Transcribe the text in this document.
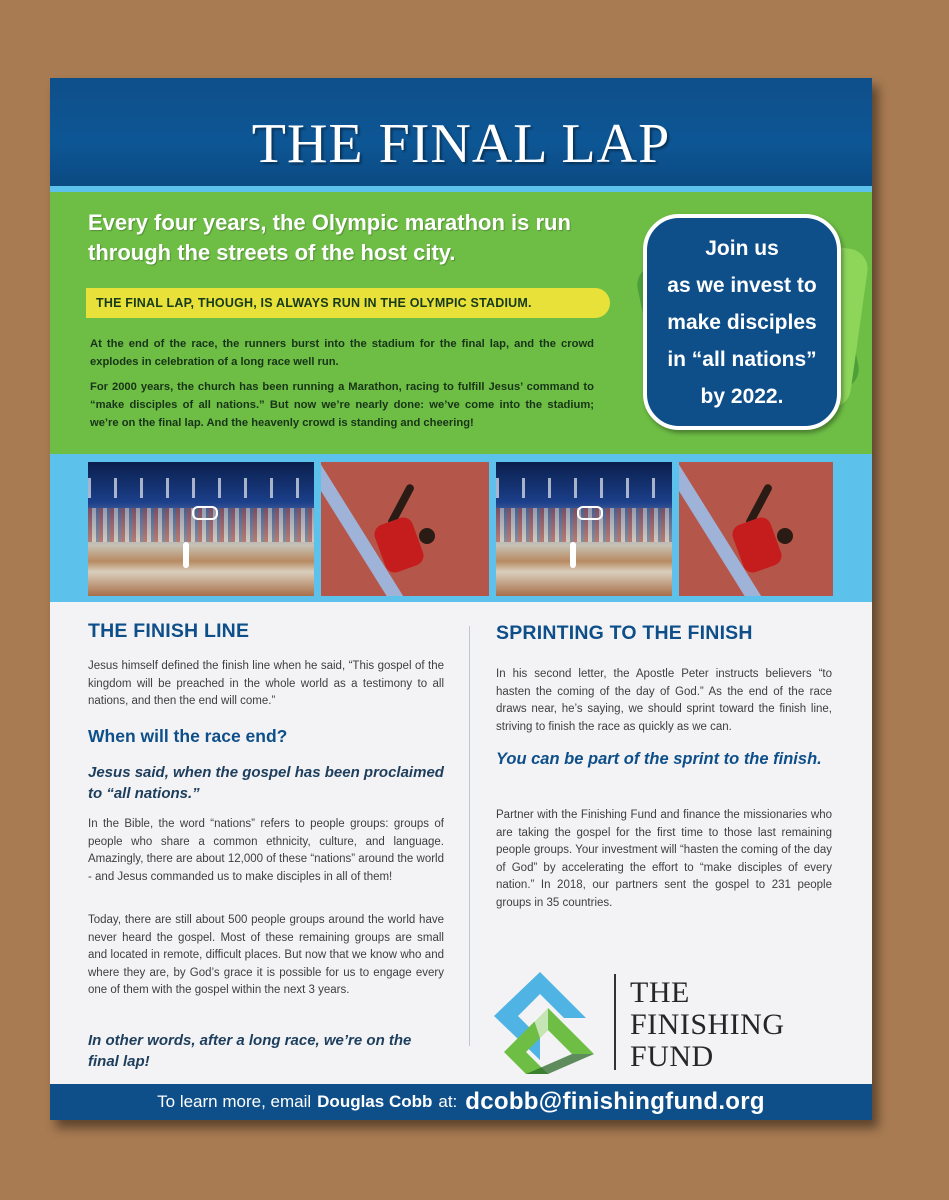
THE FINAL LAP

Every four years, the Olympic marathon is run through the streets of the host city.

THE FINAL LAP, THOUGH, IS ALWAYS RUN IN THE OLYMPIC STADIUM.

At the end of the race, the runners burst into the stadium for the final lap, and the crowd explodes in celebration of a long race well run.

For 2000 years, the church has been running a Marathon, racing to fulfill Jesus’ command to “make disciples of all nations.” But now we’re nearly done: we’ve come into the stadium; we’re on the final lap. And the heavenly crowd is standing and cheering!

Join us
as we invest to
make disciples
in “all nations”
by 2022.
THE FINISH LINE

Jesus himself defined the finish line when he said, “This gospel of the kingdom will be preached in the whole world as a testimony to all nations, and then the end will come.”

When will the race end?

Jesus said, when the gospel has been proclaimed to “all nations.”

In the Bible, the word “nations” refers to people groups: groups of people who share a common ethnicity, culture, and language. Amazingly, there are about 12,000 of these “nations” around the world - and Jesus commanded us to make disciples in all of them!

Today, there are still about 500 people groups around the world have never heard the gospel. Most of these remaining groups are small and located in remote, difficult places. But now that we know who and where they are, by God’s grace it is possible for us to engage every one of them with the gospel within the next 3 years.

In other words, after a long race, we’re on the final lap!

SPRINTING TO THE FINISH

In his second letter, the Apostle Peter instructs believers “to hasten the coming of the day of God.” As the end of the race draws near, he’s saying, we should sprint toward the finish line, striving to finish the race as quickly as we can.

You can be part of the sprint to the finish.

Partner with the Finishing Fund and finance the missionaries who are taking the gospel for the first time to those last remaining people groups. Your investment will “hasten the coming of the day of God” by accelerating the effort to “make disciples of every nation.” In 2018, our partners sent the gospel to 231 people groups in 35 countries.

THE
FINISHING
FUND
To learn more, email Douglas Cobb at: dcobb@finishingfund.org
